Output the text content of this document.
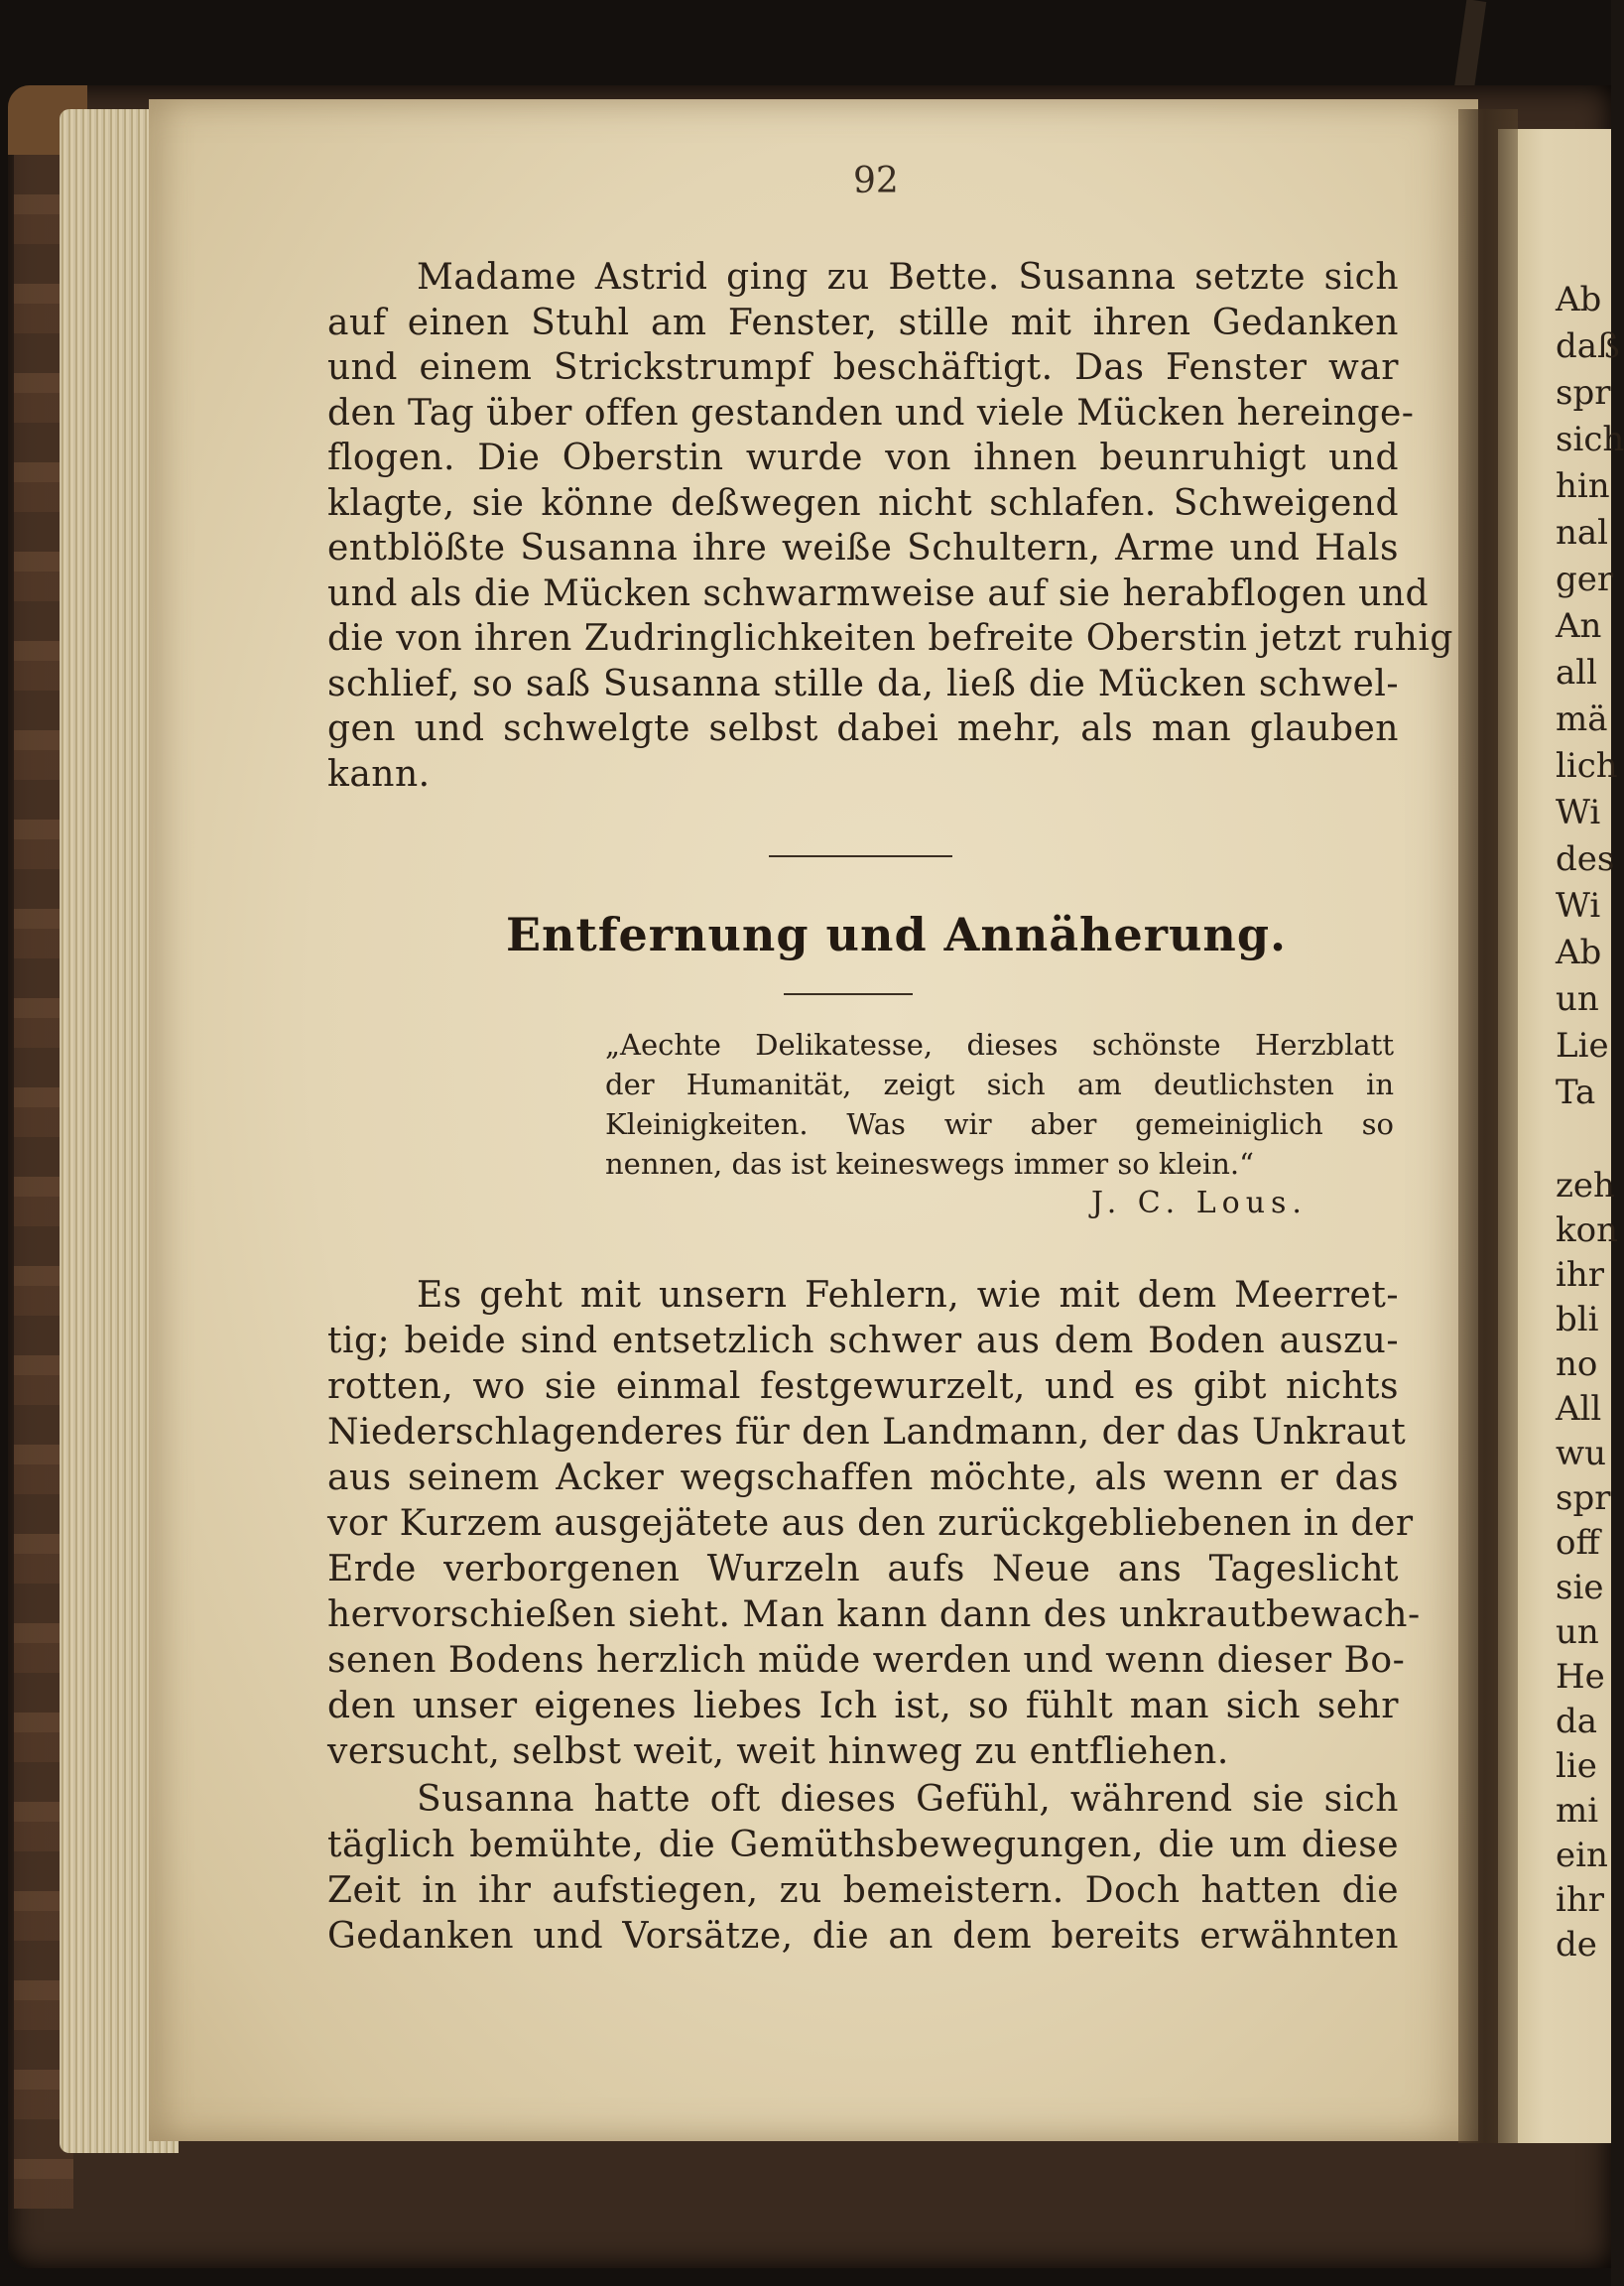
92
Madame Astrid ging zu Bette. Susanna setzte sich
auf einen Stuhl am Fenster, stille mit ihren Gedanken
und einem Strickstrumpf beschäftigt. Das Fenster war
den Tag über offen gestanden und viele Mücken hereinge-
flogen. Die Oberstin wurde von ihnen beunruhigt und
klagte, sie könne deßwegen nicht schlafen. Schweigend
entblößte Susanna ihre weiße Schultern, Arme und Hals
und als die Mücken schwarmweise auf sie herabflogen und
die von ihren Zudringlichkeiten befreite Oberstin jetzt ruhig
schlief, so saß Susanna stille da, ließ die Mücken schwel-
gen und schwelgte selbst dabei mehr, als man glauben
kann.
Entfernung und Annäherung.
„Aechte Delikatesse, dieses schönste Herzblatt
der Humanität, zeigt sich am deutlichsten in
Kleinigkeiten. Was wir aber gemeiniglich so
nennen, das ist keineswegs immer so klein.“
J. C. Lous.
Es geht mit unsern Fehlern, wie mit dem Meerret-
tig; beide sind entsetzlich schwer aus dem Boden auszu-
rotten, wo sie einmal festgewurzelt, und es gibt nichts
Niederschlagenderes für den Landmann, der das Unkraut
aus seinem Acker wegschaffen möchte, als wenn er das
vor Kurzem ausgejätete aus den zurückgebliebenen in der
Erde verborgenen Wurzeln aufs Neue ans Tageslicht
hervorschießen sieht. Man kann dann des unkrautbewach-
senen Bodens herzlich müde werden und wenn dieser Bo-
den unser eigenes liebes Ich ist, so fühlt man sich sehr
versucht, selbst weit, weit hinweg zu entfliehen.
Susanna hatte oft dieses Gefühl, während sie sich
täglich bemühte, die Gemüthsbewegungen, die um diese
Zeit in ihr aufstiegen, zu bemeistern. Doch hatten die
Gedanken und Vorsätze, die an dem bereits erwähnten
Ab
daß
spr
sich
hin
nal
ger
An
all
mä
lich
Wi
des
Wi
Ab
un
Lie
Ta
zeh
kon
ihr
bli
no
All
wu
spr
off
sie
un
He
da
lie
mi
ein
ihr
de
